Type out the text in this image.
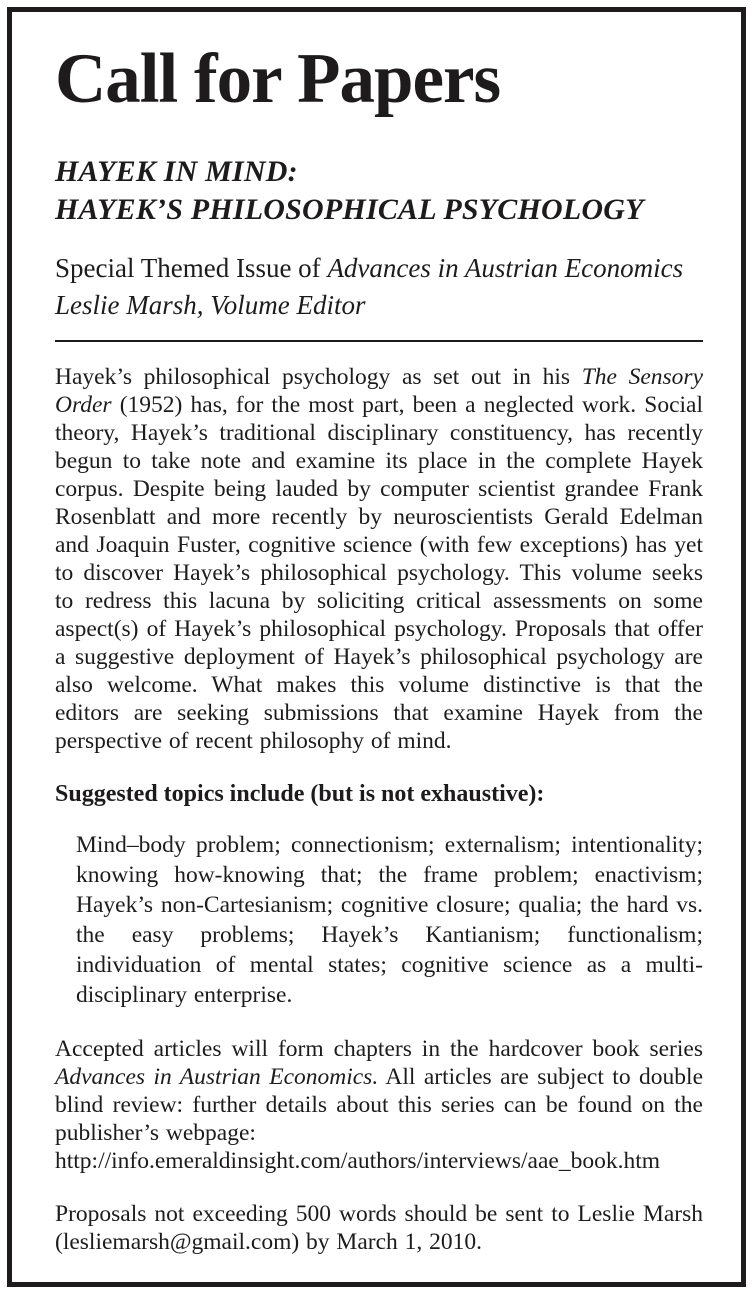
Call for Papers
HAYEK IN MIND:
HAYEK’S PHILOSOPHICAL PSYCHOLOGY
Special Themed Issue of Advances in Austrian Economics
Leslie Marsh, Volume Editor

Hayek’s philosophical psychology as set out in his The Sensory Order (1952) has, for the most part, been a neglected work. Social theory, Hayek’s traditional disciplinary constituency, has recently begun to take note and examine its place in the complete Hayek corpus. Despite being lauded by computer scientist grandee Frank Rosenblatt and more recently by neuroscientists Gerald Edelman and Joaquin Fuster, cognitive science (with few exceptions) has yet to discover Hayek’s philosophical psychology. This volume seeks to redress this lacuna by soliciting critical assessments on some aspect(s) of Hayek’s philosophical psychology. Proposals that offer a suggestive deployment of Hayek’s philosophical psychology are also welcome. What makes this volume distinctive is that the editors are seeking submissions that examine Hayek from the perspective of recent philosophy of mind.

Suggested topics include (but is not exhaustive):

Mind–body problem; connectionism; externalism; intentionality; knowing how-knowing that; the frame problem; enactivism; Hayek’s non-Cartesianism; cognitive closure; qualia; the hard vs. the easy problems; Hayek’s Kantianism; functionalism; individuation of mental states; cognitive science as a multi-disciplinary enterprise.

Accepted articles will form chapters in the hardcover book series Advances in Austrian Economics. All articles are subject to double blind review: further details about this series can be found on the publisher’s webpage:
http://info.emeraldinsight.com/authors/interviews/aae_book.htm

Proposals not exceeding 500 words should be sent to Leslie Marsh (lesliemarsh@gmail.com) by March 1, 2010.
